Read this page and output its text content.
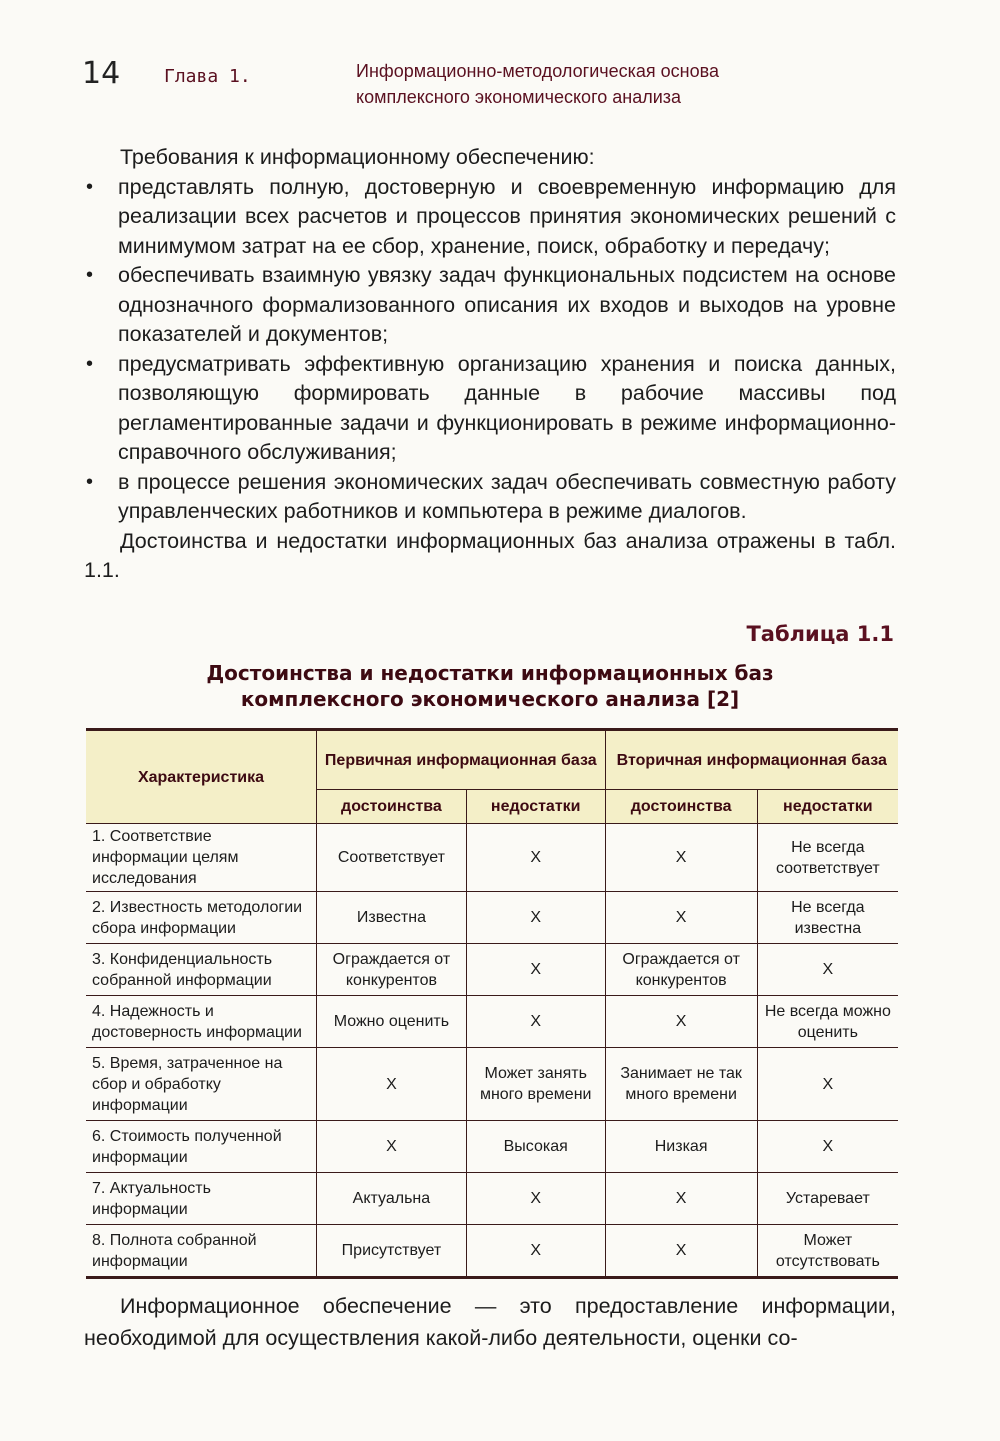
14 Глава 1.	Информационно-методологическая основа
комплексного экономического анализа

Требования к информационному обеспечению:

• представлять полную, достоверную и своевременную информацию для реализации всех расчетов и процессов принятия экономических решений с минимумом затрат на ее сбор, хранение, поиск, обработку и передачу;
• обеспечивать взаимную увязку задач функциональных подсистем на основе однозначного формализованного описания их входов и выходов на уровне показателей и документов;
• предусматривать эффективную организацию хранения и поиска данных, позволяющую формировать данные в рабочие массивы под регламентированные задачи и функционировать в режиме информационно-справочного обслуживания;
• в процессе решения экономических задач обеспечивать совместную работу управленческих работников и компьютера в режиме диалогов.

Достоинства и недостатки информационных баз анализа отражены в табл. 1.1.

Таблица 1.1
Достоинства и недостатки информационных баз
комплексного экономического анализа [2]
Характеристика	Первичная информационная база		Вторичная информационная база	
	достоинства	недостатки	достоинства	недостатки
1. Соответствие информации целям исследования	Соответствует	Х	Х	Не всегда соответствует
2. Известность методологии сбора информации	Известна	Х	Х	Не всегда известна
3. Конфиденциальность собранной информации	Ограждается от конкурентов	Х	Ограждается от конкурентов	Х
4. Надежность и достоверность информации	Можно оценить	Х	Х	Не всегда можно оценить
5. Время, затраченное на сбор и обработку информации	Х	Может занять много времени	Занимает не так много времени	Х
6. Стоимость полученной информации	Х	Высокая	Низкая	Х
7. Актуальность информации	Актуальна	Х	Х	Устаревает
8. Полнота собранной информации	Присутствует	Х	Х	Может отсутствовать

Информационное обеспечение — это предоставление информации, необходимой для осуществления какой-либо деятельности, оценки со-
